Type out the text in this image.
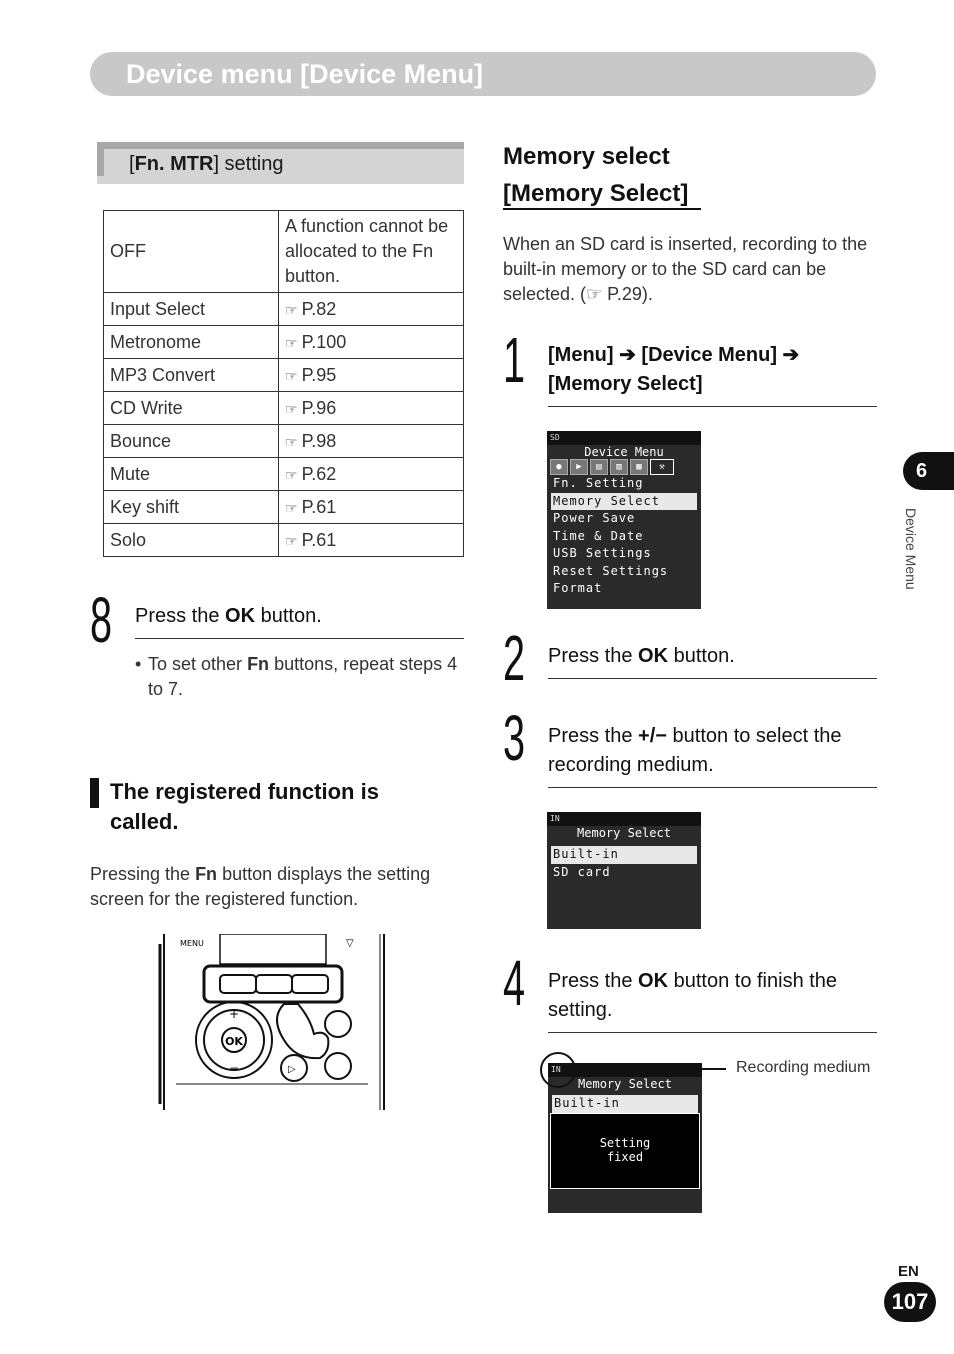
Device menu [Device Menu]
[Fn. MTR] setting
OFF	A function cannot be allocated to the Fn button.
Input Select	☞ P.82
Metronome	☞ P.100
MP3 Convert	☞ P.95
CD Write	☞ P.96
Bounce	☞ P.98
Mute	☞ P.62
Key shift	☞ P.61
Solo	☞ P.61
8 Press the OK button.
• To set other Fn buttons, repeat steps 4 to 7.
The registered function is called.
Pressing the Fn button displays the setting screen for the registered function.
OK
+
−
MENU	▽
▷
Memory select
[Memory Select]
When an SD card is inserted, recording to the built-in memory or to the SD card can be selected. (☞ P.29).
1 [Menu] ➔ [Device Menu] ➔ [Memory Select]
SD
Device Menu
●	▶	▤	▥	▦	⚒
Fn. Setting
Memory Select
Power Save
Time & Date
USB Settings
Reset Settings
Format
2 Press the OK button.
3 Press the +/− button to select the recording medium.
IN
Memory Select
Built-in
SD card
4 Press the OK button to finish the setting.
IN
Memory Select
Built-in
Setting
fixed
Recording medium
6
Device Menu
EN
107
